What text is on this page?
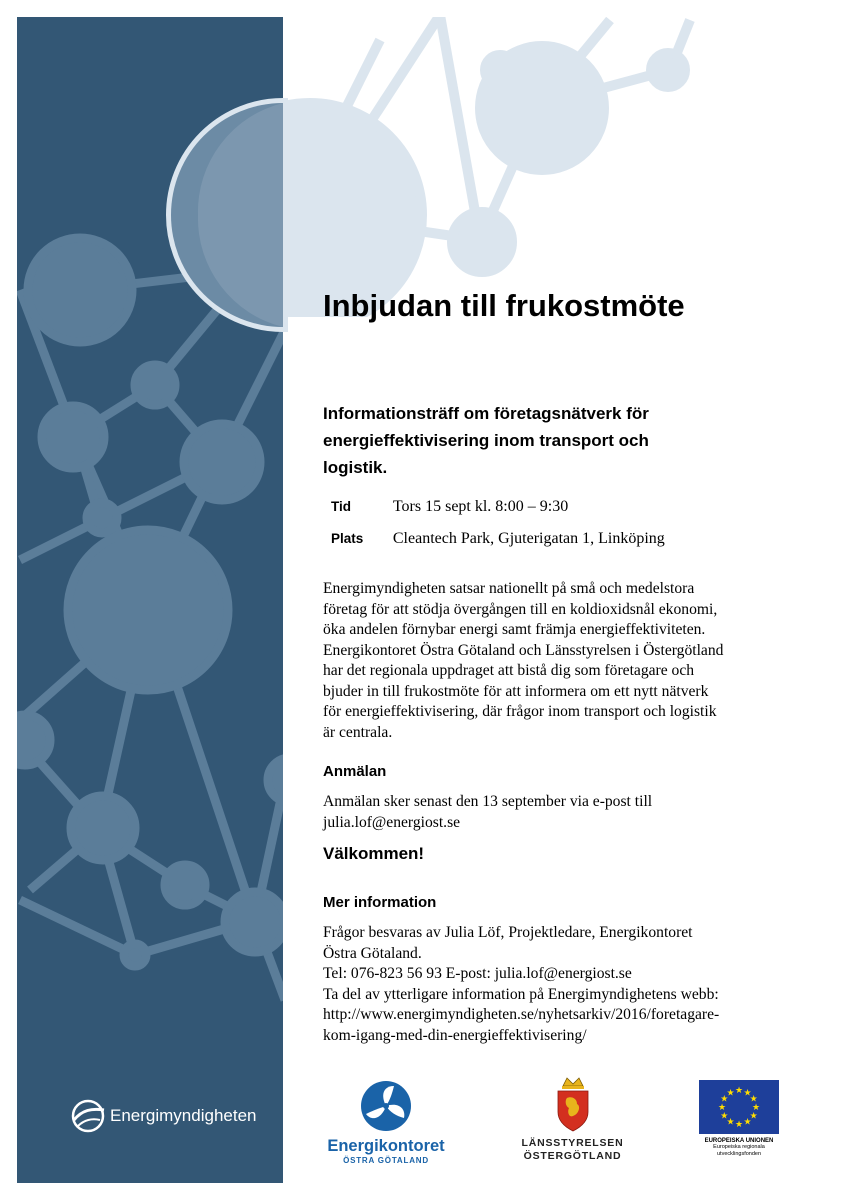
Inbjudan till frukostmöte
Informationsträff om företagsnätverk för
energieffektivisering inom transport och
logistik.
Tid	Tors 15 sept kl. 8:00 – 9:30
Plats Cleantech Park, Gjuterigatan 1, Linköping
Energimyndigheten satsar nationellt på små och medelstora
företag för att stödja övergången till en koldioxidsnål ekonomi,
öka andelen förnybar energi samt främja energieffektiviteten.
Energikontoret Östra Götaland och Länsstyrelsen i Östergötland
har det regionala uppdraget att bistå dig som företagare och
bjuder in till frukostmöte för att informera om ett nytt nätverk
för energieffektivisering, där frågor inom transport och logistik
är centrala.
Anmälan
Anmälan sker senast den 13 september via e-post till
julia.lof@energiost.se
Välkommen!
Mer information
Frågor besvaras av Julia Löf, Projektledare, Energikontoret
Östra Götaland.
Tel: 076-823 56 93 E-post: julia.lof@energiost.se
Ta del av ytterligare information på Energimyndighetens webb:
http://www.energimyndigheten.se/nyhetsarkiv/2016/foretagare-
kom-igang-med-din-energieffektivisering/
Energimyndigheten
Energikontoret
ÖSTRA GÖTALAND
LÄNSSTYRELSEN
ÖSTERGÖTLAND
★ ★
★
★
★
★
★
★
★
★
★
★
EUROPEISKA UNIONEN
Europeiska regionala
utvecklingsfonden
